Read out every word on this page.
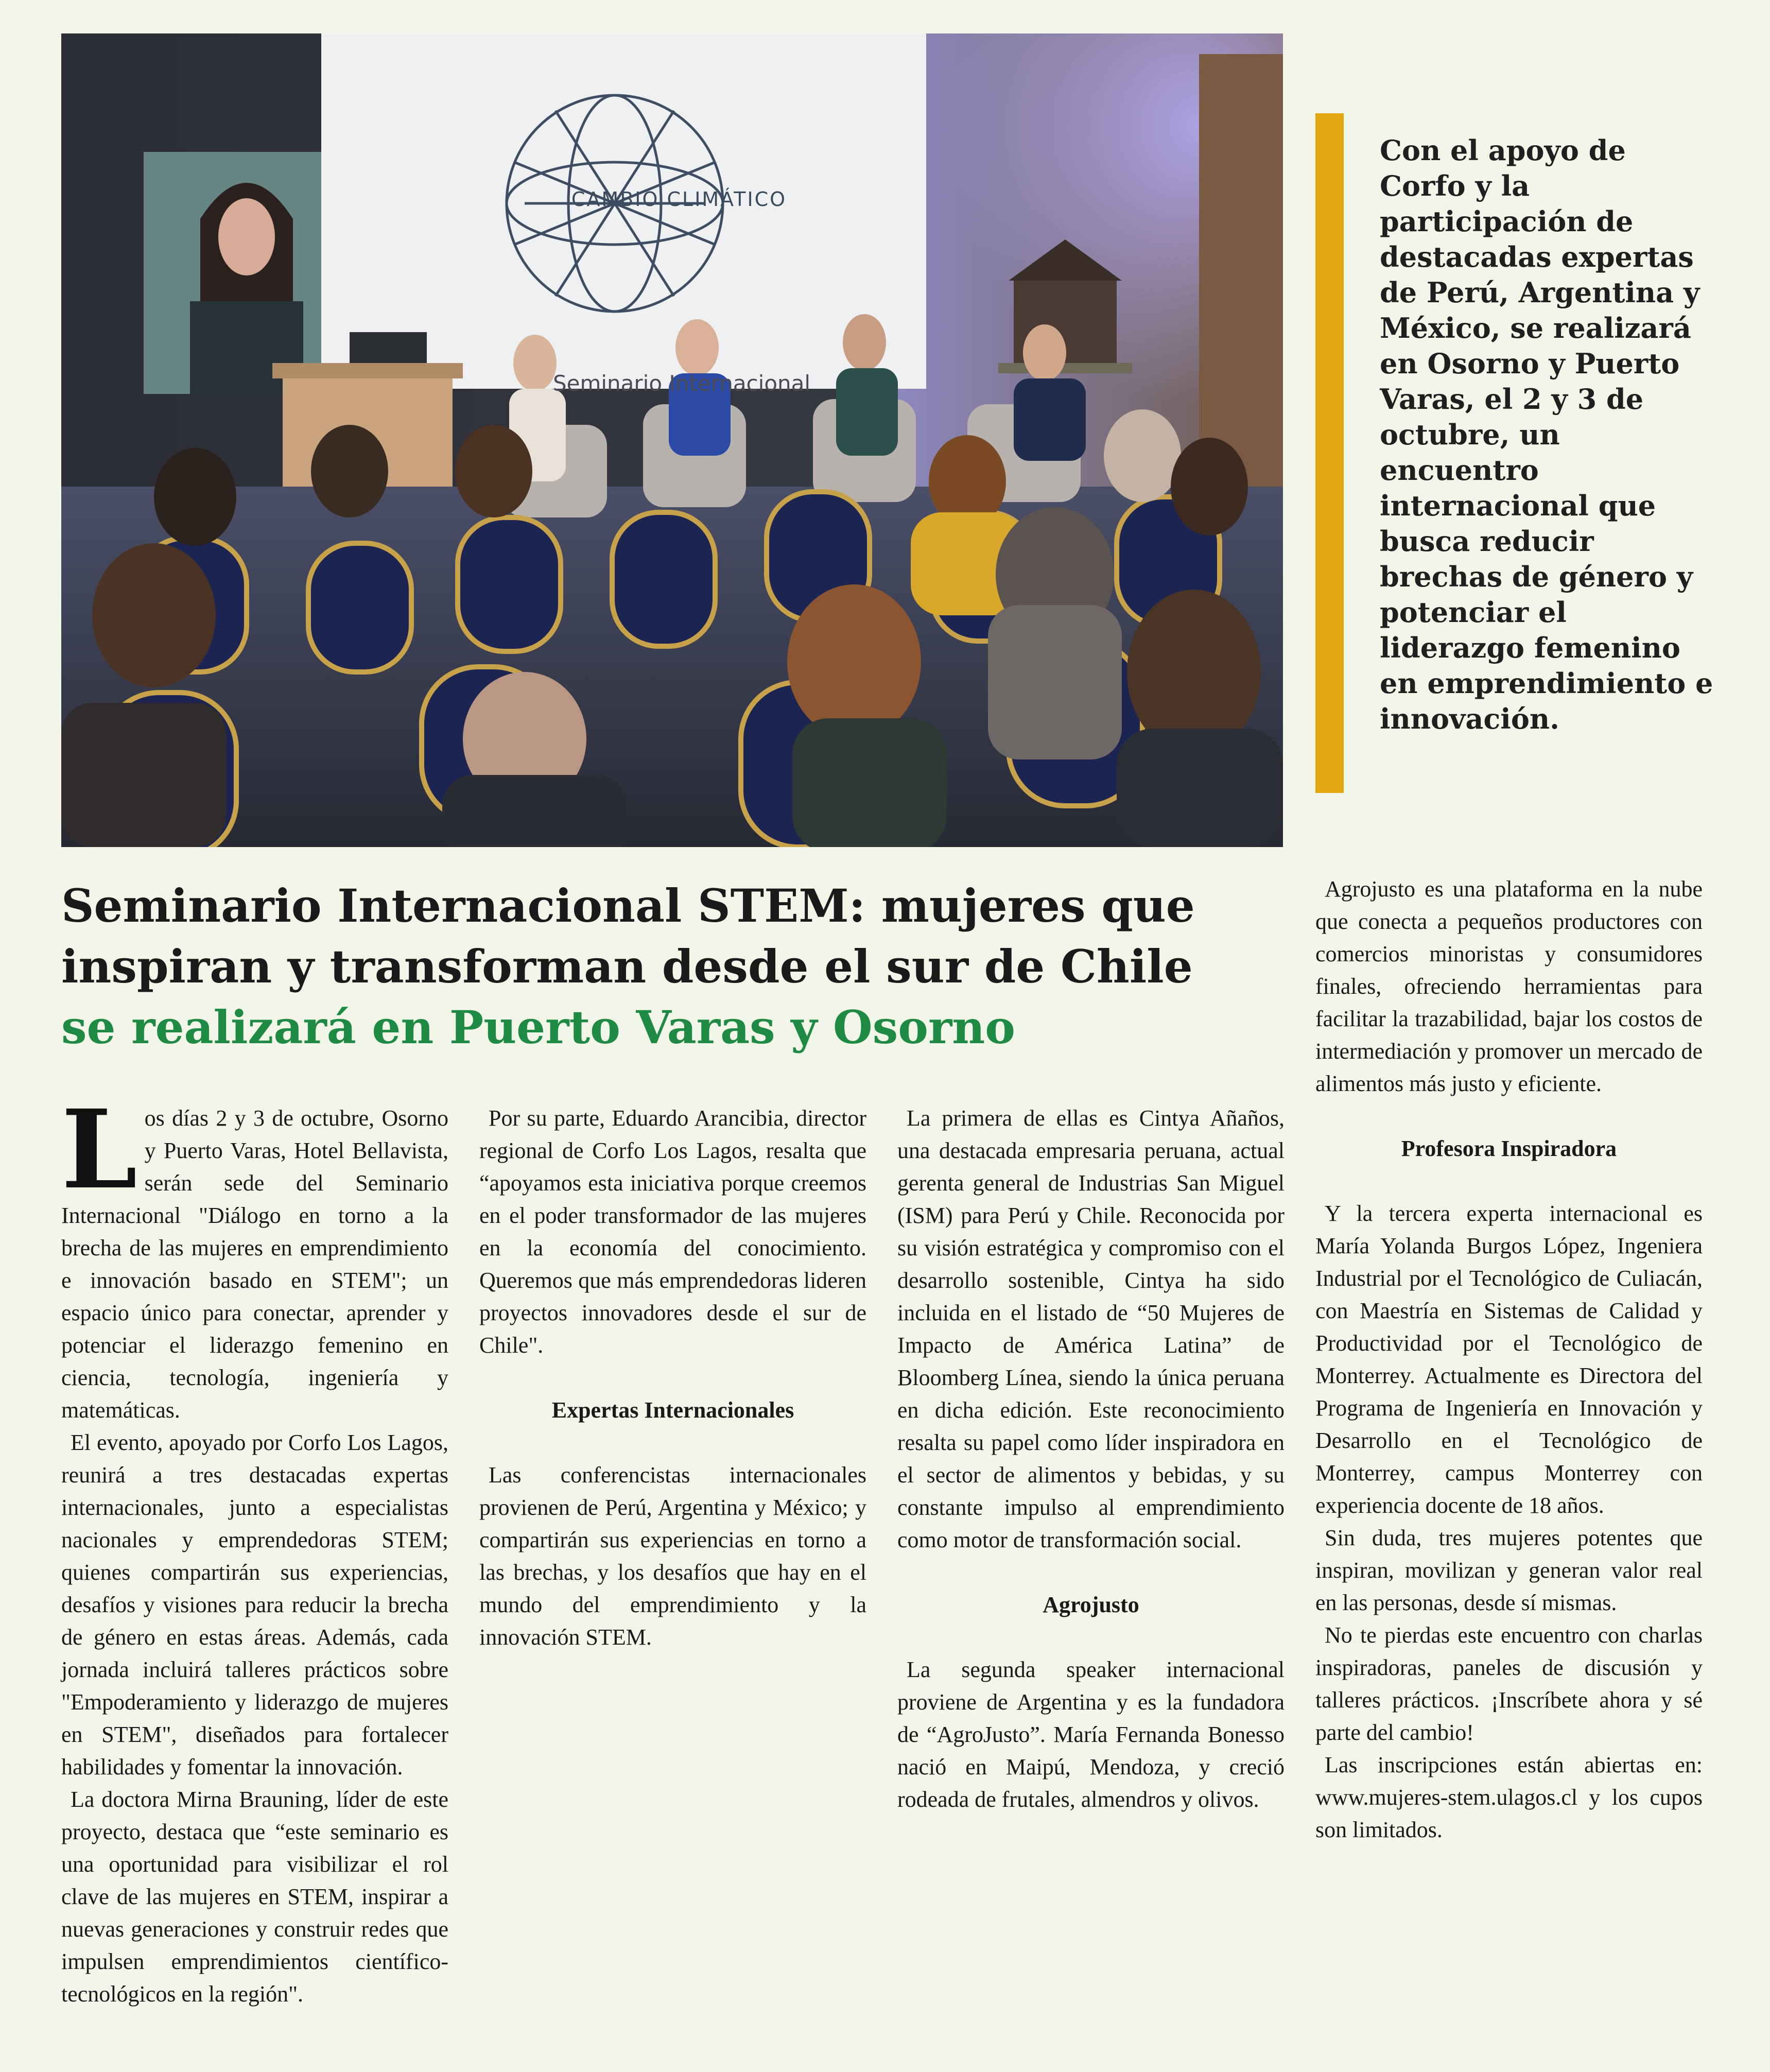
CAMBIO CLIMÁTICO
Seminario Internacional

Con el apoyo de Corfo y la participación de destacadas expertas de Perú, Argentina y México, se realizará en Osorno y Puerto Varas, el 2 y 3 de octubre, un encuentro internacional que busca reducir brechas de género y potenciar el liderazgo femenino en emprendimiento e innovación.

Seminario Internacional STEM: mujeres que
inspiran y transforman desde el sur de Chile
se realizará en Puerto Varas y Osorno

Los días 2 y 3 de octubre, Osorno y Puerto Varas, Hotel Bellavista, serán sede del Seminario Internacional "Diálogo en torno a la brecha de las mujeres en emprendimiento e innovación basado en STEM"; un espacio único para conectar, aprender y potenciar el liderazgo femenino en ciencia, tecnología, ingeniería y matemáticas.

El evento, apoyado por Corfo Los Lagos, reunirá a tres destacadas expertas internacionales, junto a especialistas nacionales y emprendedoras STEM; quienes compartirán sus experiencias, desafíos y visiones para reducir la brecha de género en estas áreas. Además, cada jornada incluirá talleres prácticos sobre "Empoderamiento y liderazgo de mujeres en STEM", diseñados para fortalecer habilidades y fomentar la innovación.

La doctora Mirna Brauning, líder de este proyecto, destaca que “este seminario es una oportunidad para visibilizar el rol clave de las mujeres en STEM, inspirar a nuevas generaciones y construir redes que impulsen emprendimientos científico-tecnológicos en la región".

Por su parte, Eduardo Arancibia, director regional de Corfo Los Lagos, resalta que “apoyamos esta iniciativa porque creemos en el poder transformador de las mujeres en la economía del conocimiento. Queremos que más emprendedoras lideren proyectos innovadores desde el sur de Chile".

Expertas Internacionales

Las conferencistas internacionales provienen de Perú, Argentina y México; y compartirán sus experiencias en torno a las brechas, y los desafíos que hay en el mundo del emprendimiento y la innovación STEM.

La primera de ellas es Cintya Añaños, una destacada empresaria peruana, actual gerenta general de Industrias San Miguel (ISM) para Perú y Chile. Reconocida por su visión estratégica y compromiso con el desarrollo sostenible, Cintya ha sido incluida en el listado de “50 Mujeres de Impacto de América Latina” de Bloomberg Línea, siendo la única peruana en dicha edición. Este reconocimiento resalta su papel como líder inspiradora en el sector de alimentos y bebidas, y su constante impulso al emprendimiento como motor de transformación social.

Agrojusto

La segunda speaker internacional proviene de Argentina y es la fundadora de “AgroJusto”. María Fernanda Bonesso nació en Maipú, Mendoza, y creció rodeada de frutales, almendros y olivos.

Agrojusto es una plataforma en la nube que conecta a pequeños productores con comercios minoristas y consumidores finales, ofreciendo herramientas para facilitar la trazabilidad, bajar los costos de intermediación y promover un mercado de alimentos más justo y eficiente.

Profesora Inspiradora

Y la tercera experta internacional es María Yolanda Burgos López, Ingeniera Industrial por el Tecnológico de Culiacán, con Maestría en Sistemas de Calidad y Productividad por el Tecnológico de Monterrey. Actualmente es Directora del Programa de Ingeniería en Innovación y Desarrollo en el Tecnológico de Monterrey, campus Monterrey con experiencia docente de 18 años.

Sin duda, tres mujeres potentes que inspiran, movilizan y generan valor real en las personas, desde sí mismas.

No te pierdas este encuentro con charlas inspiradoras, paneles de discusión y talleres prácticos. ¡Inscríbete ahora y sé parte del cambio!

Las inscripciones están abiertas en: www.mujeres-stem.ulagos.cl y los cupos son limitados.
